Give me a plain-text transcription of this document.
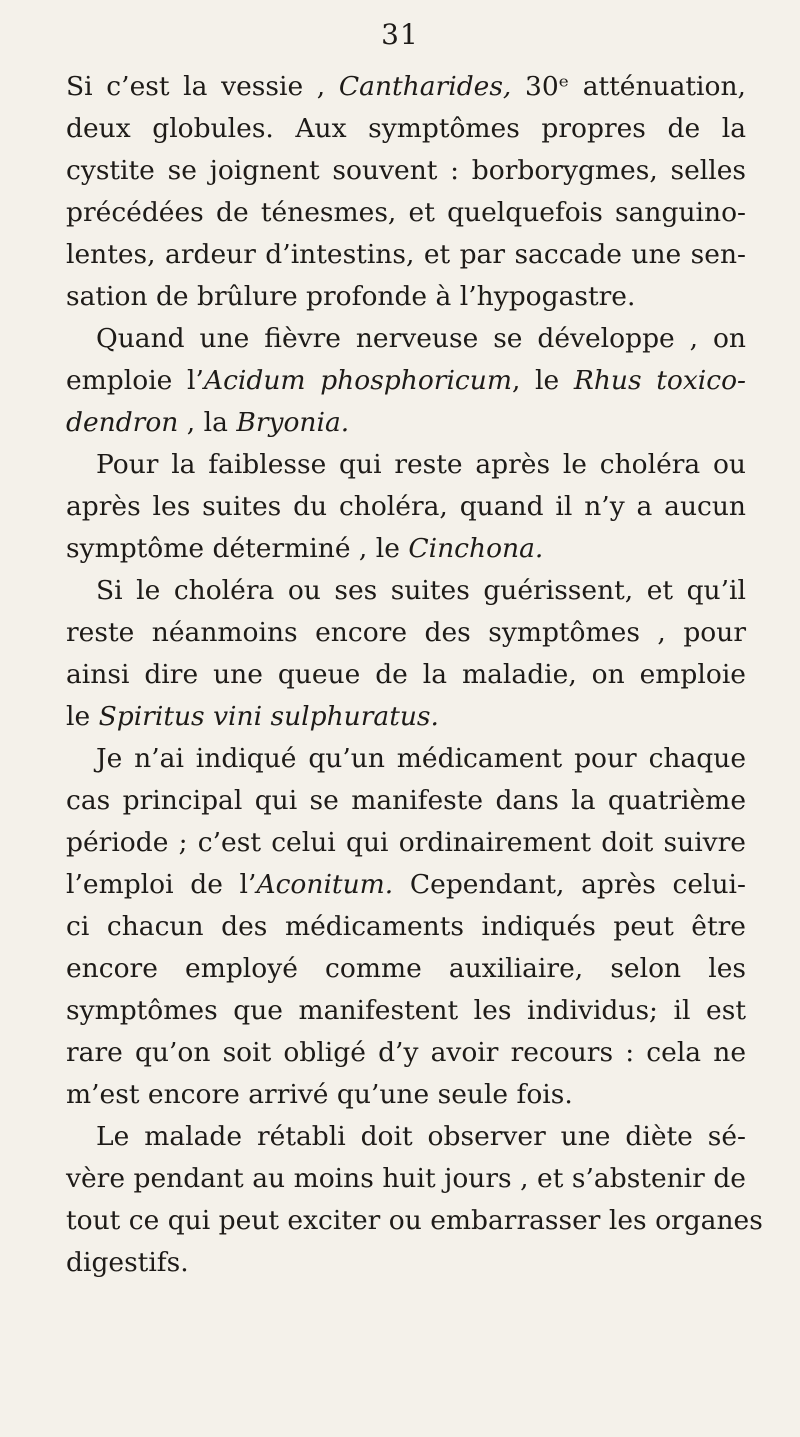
31
Si c’est la vessie , Cantharides, 30ᵉ atténuation,
deux globules. Aux symptômes propres de la
cystite se joignent souvent : borborygmes, selles
précédées de ténesmes, et quelquefois sanguino-
lentes, ardeur d’intestins, et par saccade une sen-
sation de brûlure profonde à l’hypogastre.
Quand une fièvre nerveuse se développe , on
emploie l’Acidum phosphoricum, le Rhus toxico-
dendron , la Bryonia.
Pour la faiblesse qui reste après le choléra ou
après les suites du choléra, quand il n’y a aucun
symptôme déterminé , le Cinchona.
Si le choléra ou ses suites guérissent, et qu’il
reste néanmoins encore des symptômes , pour
ainsi dire une queue de la maladie, on emploie
le Spiritus vini sulphuratus.
Je n’ai indiqué qu’un médicament pour chaque
cas principal qui se manifeste dans la quatrième
période ; c’est celui qui ordinairement doit suivre
l’emploi de l’Aconitum. Cependant, après celui-
ci chacun des médicaments indiqués peut être
encore employé comme auxiliaire, selon les
symptômes que manifestent les individus; il est
rare qu’on soit obligé d’y avoir recours : cela ne
m’est encore arrivé qu’une seule fois.
Le malade rétabli doit observer une diète sé-
vère pendant au moins huit jours , et s’abstenir de
tout ce qui peut exciter ou embarrasser les organes
digestifs.
